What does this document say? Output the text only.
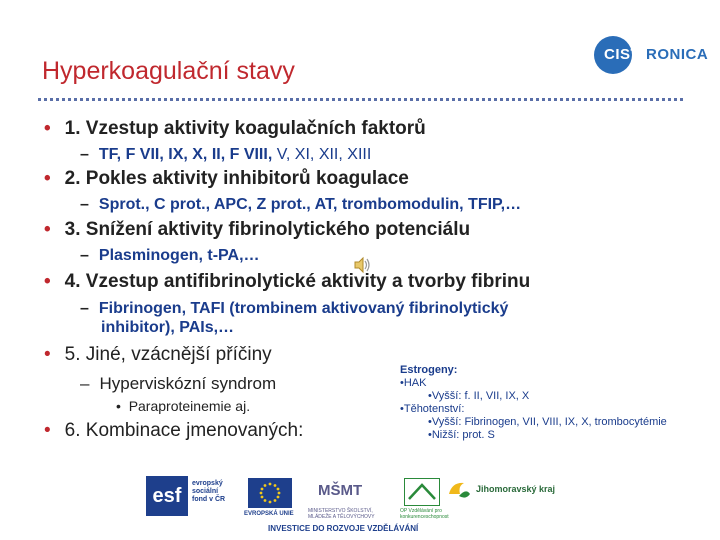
Hyperkoagulační stavy
CIST RONICA
• 1. Vzestup aktivity koagulačních faktorů
– TF, F VII, IX, X, II, F VIII, V, XI, XII, XIII
• 2. Pokles aktivity inhibitorů koagulace
– Sprot., C prot., APC, Z prot., AT, trombomodulin, TFIP,…
• 3. Snížení aktivity fibrinolytického potenciálu
– Plasminogen, t-PA,…
• 4. Vzestup antifibrinolytické aktivity a tvorby fibrinu
– Fibrinogen, TAFI (trombinem aktivovaný fibrinolytický
inhibitor), PAIs,…
• 5. Jiné, vzácnější příčiny
– Hyperviskózní syndrom
•  Paraproteinemie aj.
• 6. Kombinace jmenovaných:
Estrogeny:
•HAK
•Vyšší: f. II, VII, IX, X
•Těhotenství:
•Vyšší: Fibrinogen, VII, VIII, IX, X, trombocytémie
•Nižší: prot. S
esf
evropský sociální fond v ČR
EVROPSKÁ UNIE
MŠMT
MINISTERSTVO ŠKOLSTVÍ, MLÁDEŽE A TĚLOVÝCHOVY
OP Vzdělávání pro konkurenceschopnost
Jihomoravský kraj
INVESTICE DO ROZVOJE VZDĚLÁVÁNÍ
